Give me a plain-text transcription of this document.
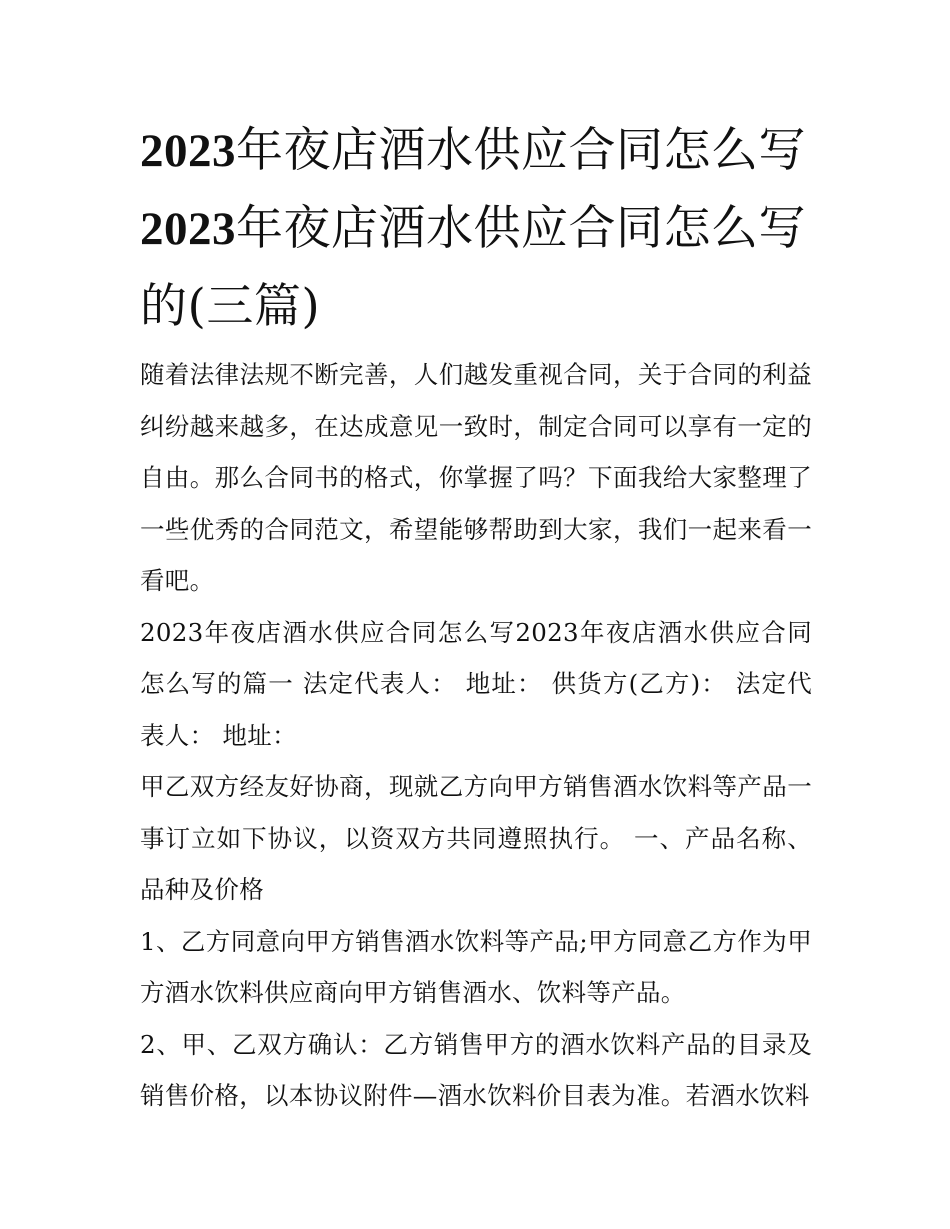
2023年夜店酒水供应合同怎么写2023年夜店酒水供应合同怎么写的(三篇)

随着法律法规不断完善，人们越发重视合同，关于合同的利益纠纷越来越多，在达成意见一致时，制定合同可以享有一定的自由。那么合同书的格式，你掌握了吗？下面我给大家整理了一些优秀的合同范文，希望能够帮助到大家，我们一起来看一看吧。

2023年夜店酒水供应合同怎么写2023年夜店酒水供应合同怎么写的篇一 法定代表人： 地址： 供货方(乙方)： 法定代表人： 地址：

甲乙双方经友好协商，现就乙方向甲方销售酒水饮料等产品一事订立如下协议，以资双方共同遵照执行。 一、产品名称、品种及价格

1、乙方同意向甲方销售酒水饮料等产品;甲方同意乙方作为甲方酒水饮料供应商向甲方销售酒水、饮料等产品。

2、甲、乙双方确认：乙方销售甲方的酒水饮料产品的目录及销售价格，以本协议附件—酒水饮料价目表为准。若酒水饮料
